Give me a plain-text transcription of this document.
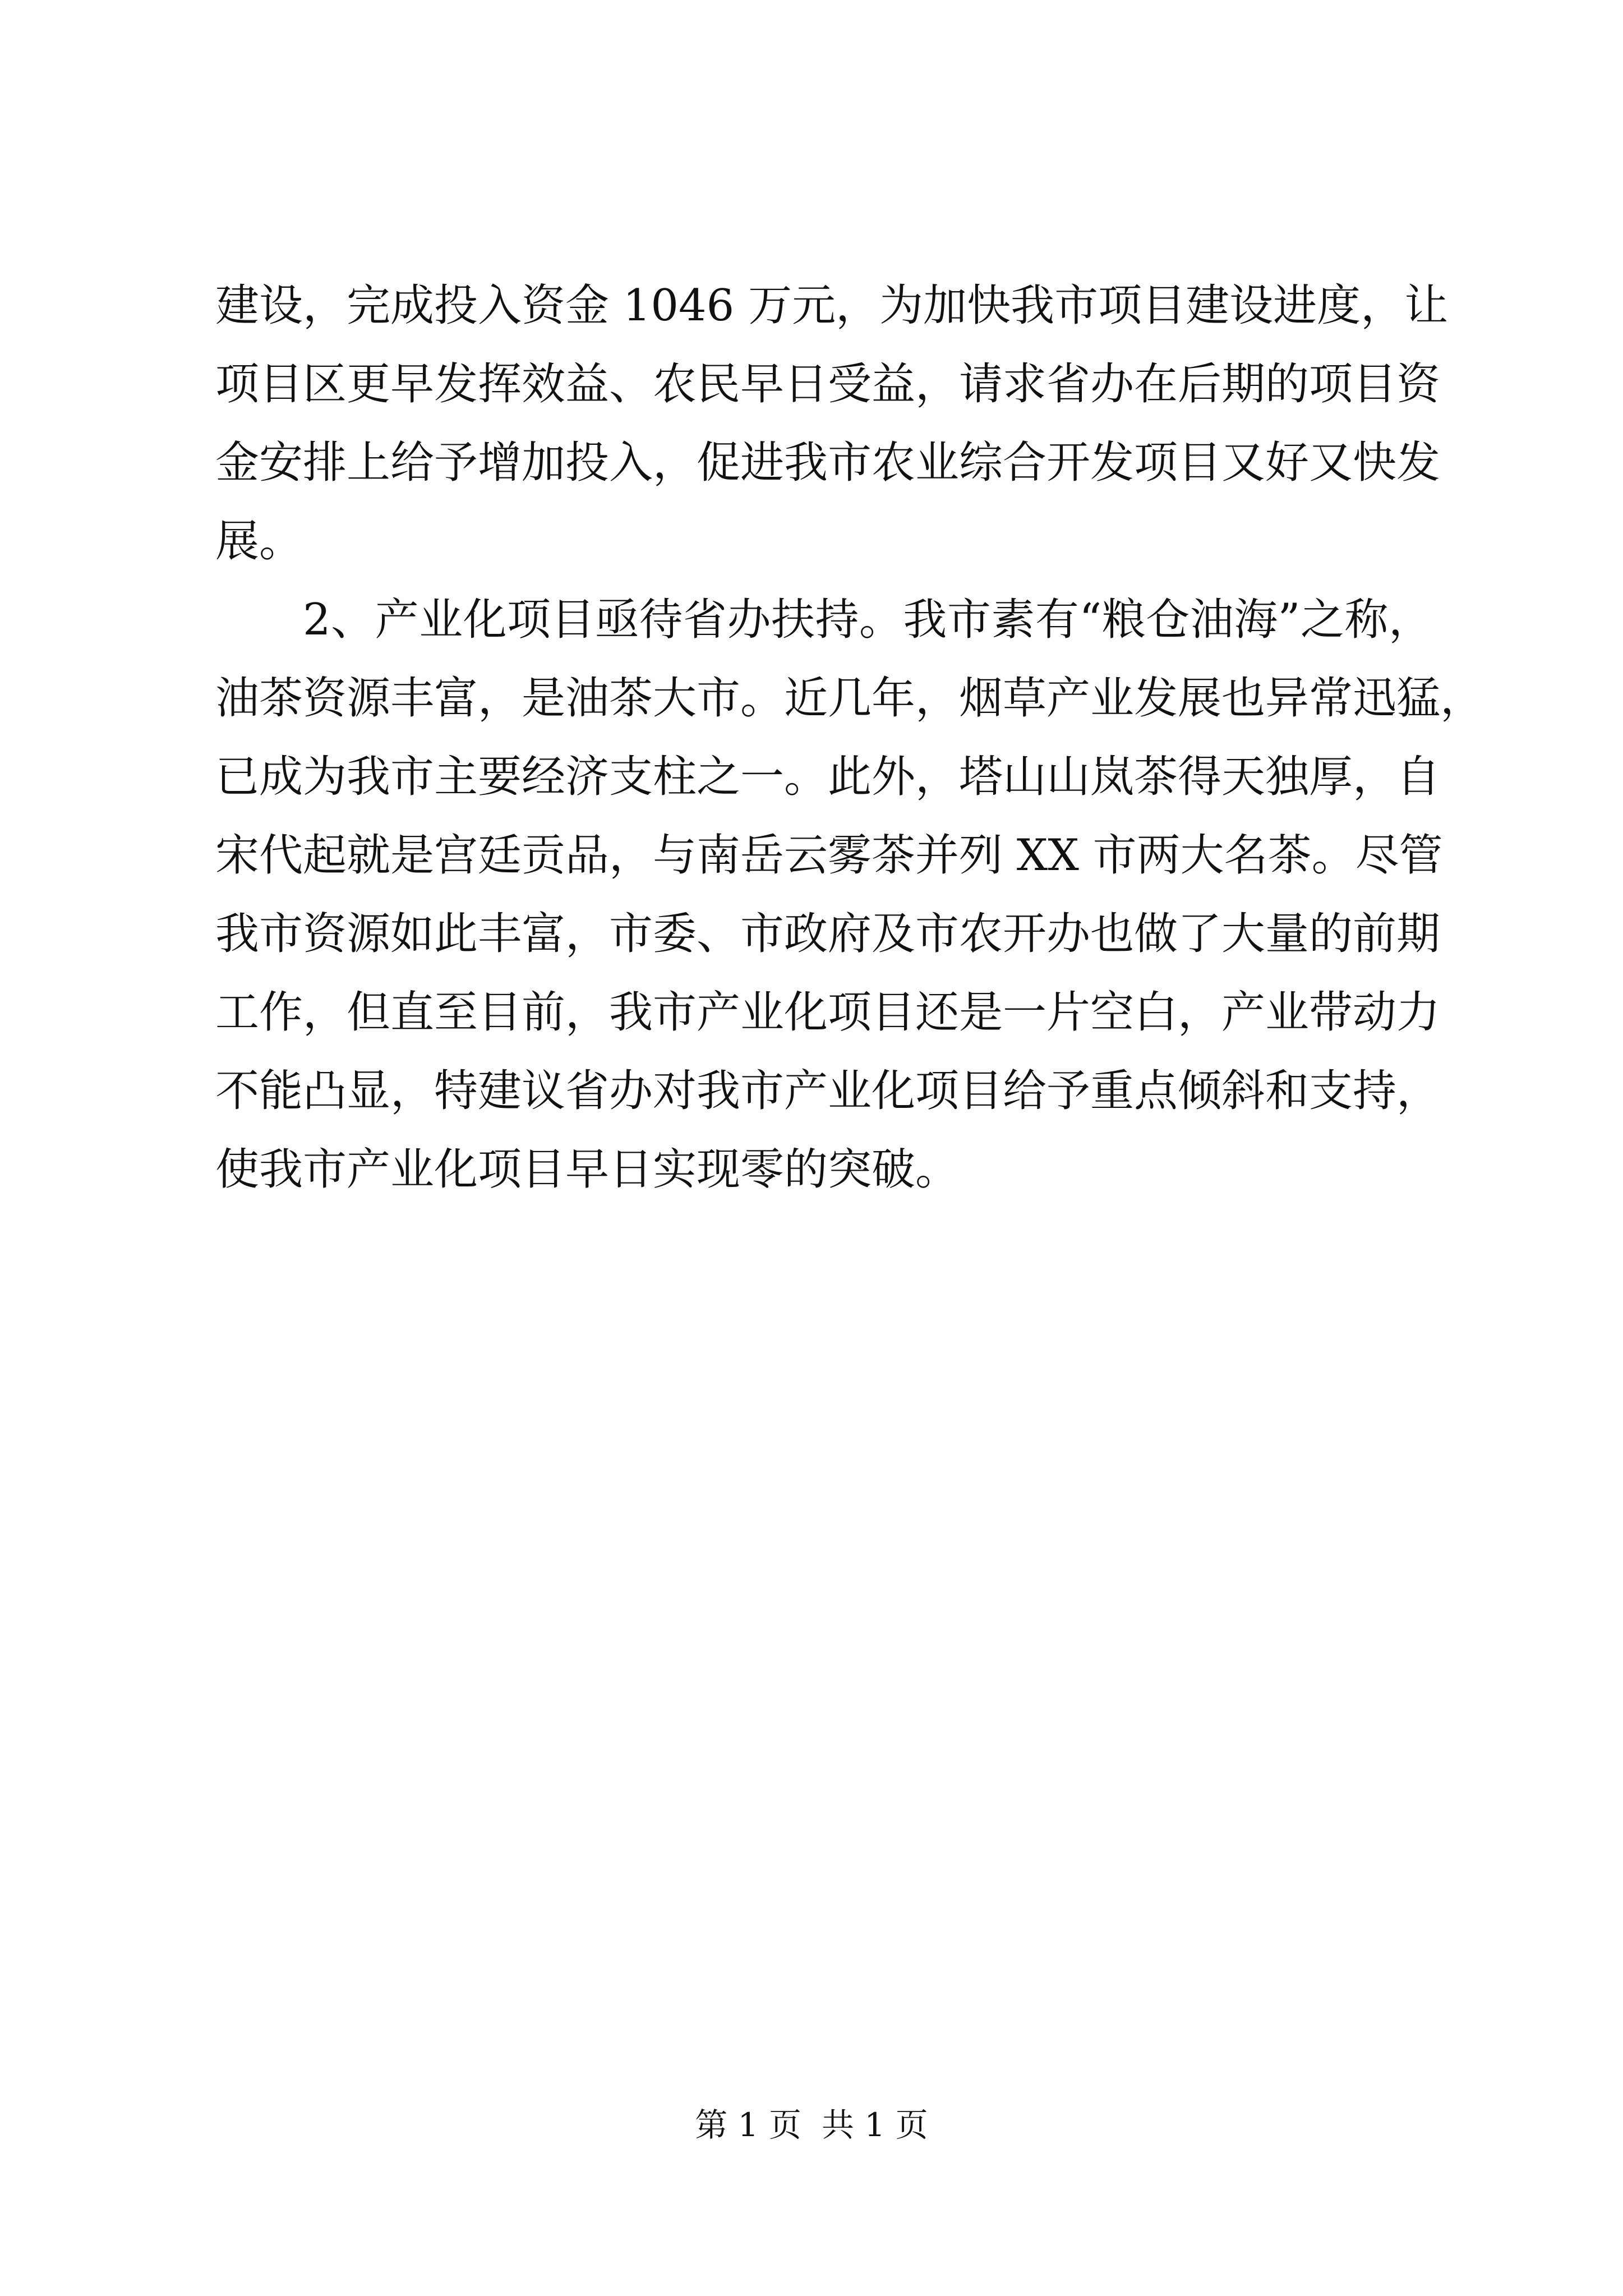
建设，完成投入资金 1046 万元，为加快我市项目建设进度，让
项目区更早发挥效益、农民早日受益，请求省办在后期的项目资
金安排上给予增加投入，促进我市农业综合开发项目又好又快发
展。
2、产业化项目亟待省办扶持。我市素有“粮仓油海”之称，
油茶资源丰富，是油茶大市。近几年，烟草产业发展也异常迅猛，
已成为我市主要经济支柱之一。此外，塔山山岚茶得天独厚，自
宋代起就是宫廷贡品，与南岳云雾茶并列 XX 市两大名茶。尽管
我市资源如此丰富，市委、市政府及市农开办也做了大量的前期
工作，但直至目前，我市产业化项目还是一片空白，产业带动力
不能凸显，特建议省办对我市产业化项目给予重点倾斜和支持，
使我市产业化项目早日实现零的突破。
第 1 页 共 1 页
